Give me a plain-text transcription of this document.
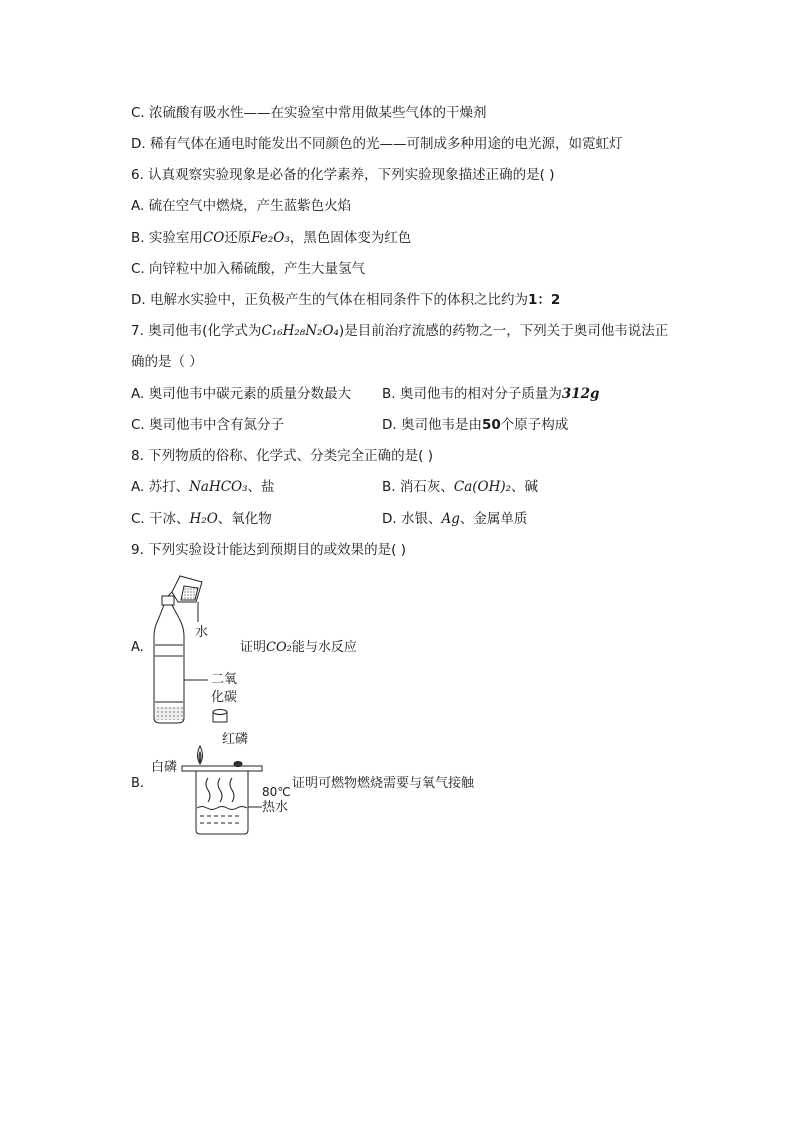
C. 浓硫酸有吸水性——在实验室中常用做某些气体的干燥剂
D. 稀有气体在通电时能发出不同颜色的光——可制成多种用途的电光源，如霓虹灯
6. 认真观察实验现象是必备的化学素养，下列实验现象描述正确的是( )
A. 硫在空气中燃烧，产生蓝紫色火焰
B. 实验室用CO还原Fe₂O₃，黑色固体变为红色
C. 向锌粒中加入稀硫酸，产生大量氢气
D. 电解水实验中，正负极产生的气体在相同条件下的体积之比约为1：2
7. 奥司他韦(化学式为C₁₆H₂₈N₂O₄)是目前治疗流感的药物之一，下列关于奥司他韦说法正
确的是（ ）
A. 奥司他韦中碳元素的质量分数最大 B. 奥司他韦的相对分子质量为312g
C. 奥司他韦中含有氮分子	D. 奥司他韦是由50个原子构成
8. 下列物质的俗称、化学式、分类完全正确的是( )
A. 苏打、NaHCO₃、盐	B. 消石灰、Ca(OH)₂、碱
C. 干冰、H₂O、氧化物	D. 水银、Ag、金属单质
9. 下列实验设计能达到预期目的或效果的是( )
A.
水
二氧
化碳
证明CO₂能与水反应
B.
红磷
白磷
80℃
热水
证明可燃物燃烧需要与氧气接触
